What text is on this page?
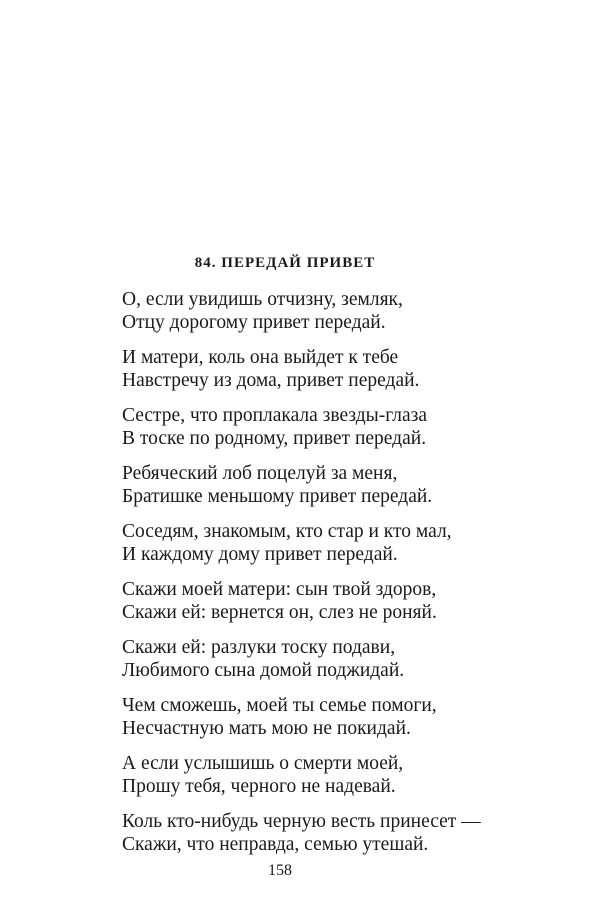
84. ПЕРЕДАЙ ПРИВЕТ
О, если увидишь отчизну, земляк,
Отцу дорогому привет передай.
И матери, коль она выйдет к тебе
Навстречу из дома, привет передай.
Сестре, что проплакала звезды-глаза
В тоске по родному, привет передай.
Ребяческий лоб поцелуй за меня,
Братишке меньшому привет передай.
Соседям, знакомым, кто стар и кто мал,
И каждому дому привет передай.
Скажи моей матери: сын твой здоров,
Скажи ей: вернется он, слез не роняй.
Скажи ей: разлуки тоску подави,
Любимого сына домой поджидай.
Чем сможешь, моей ты семье помоги,
Несчастную мать мою не покидай.
А если услышишь о смерти моей,
Прошу тебя, черного не надевай.
Коль кто-нибудь черную весть принесет —
Скажи, что неправда, семью утешай.
158
